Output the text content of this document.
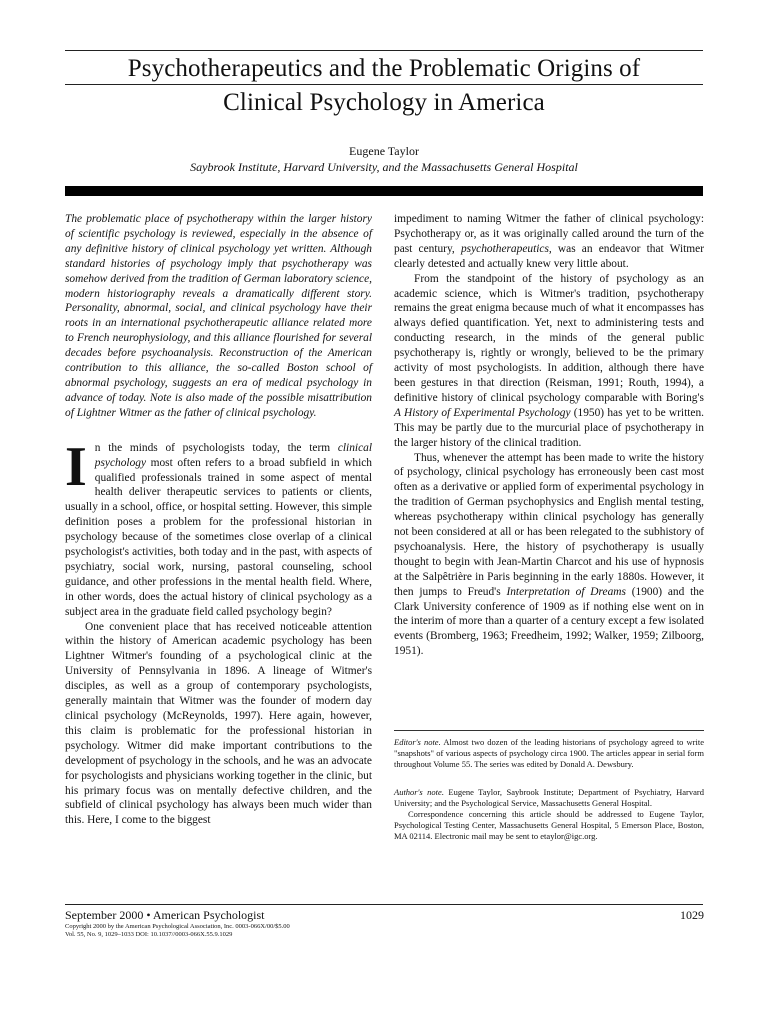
Psychotherapeutics and the Problematic Origins of
Clinical Psychology in America
Eugene Taylor
Saybrook Institute, Harvard University, and the Massachusetts General Hospital

The problematic place of psychotherapy within the larger history of scientific psychology is reviewed, especially in the absence of any definitive history of clinical psychology yet written. Although standard histories of psychology imply that psychotherapy was somehow derived from the tradition of German laboratory science, modern historiography reveals a dramatically different story. Personality, abnormal, social, and clinical psychology have their roots in an international psychotherapeutic alliance related more to French neurophysiology, and this alliance flourished for several decades before psychoanalysis. Reconstruction of the American contribution to this alliance, the so-called Boston school of abnormal psychology, suggests an era of medical psychology in advance of today. Note is also made of the possible misattribution of Lightner Witmer as the father of clinical psychology.

In the minds of psychologists today, the term clinical psychology most often refers to a broad subfield in which qualified professionals trained in some aspect of mental health deliver therapeutic services to patients or clients, usually in a school, office, or hospital setting. However, this simple definition poses a problem for the professional historian in psychology because of the sometimes close overlap of a clinical psychologist's activities, both today and in the past, with aspects of psychiatry, social work, nursing, pastoral counseling, school guidance, and other professions in the mental health field. Where, in other words, does the actual history of clinical psychology as a subject area in the graduate field called psychology begin?

One convenient place that has received noticeable attention within the history of American academic psychology has been Lightner Witmer's founding of a psychological clinic at the University of Pennsylvania in 1896. A lineage of Witmer's disciples, as well as a group of contemporary psychologists, generally maintain that Witmer was the founder of modern day clinical psychology (McReynolds, 1997). Here again, however, this claim is problematic for the professional historian in psychology. Witmer did make important contributions to the development of psychology in the schools, and he was an advocate for psychologists and physicians working together in the clinic, but his primary focus was on mentally defective children, and the subfield of clinical psychology has always been much wider than this. Here, I come to the biggest

impediment to naming Witmer the father of clinical psychology: Psychotherapy or, as it was originally called around the turn of the past century, psychotherapeutics, was an endeavor that Witmer clearly detested and actually knew very little about.

From the standpoint of the history of psychology as an academic science, which is Witmer's tradition, psychotherapy remains the great enigma because much of what it encompasses has always defied quantification. Yet, next to administering tests and conducting research, in the minds of the general public psychotherapy is, rightly or wrongly, believed to be the primary activity of most psychologists. In addition, although there have been gestures in that direction (Reisman, 1991; Routh, 1994), a definitive history of clinical psychology comparable with Boring's A History of Experimental Psychology (1950) has yet to be written. This may be partly due to the murcurial place of psychotherapy in the larger history of the clinical tradition.

Thus, whenever the attempt has been made to write the history of psychology, clinical psychology has erroneously been cast most often as a derivative or applied form of experimental psychology in the tradition of German psychophysics and English mental testing, whereas psychotherapy within clinical psychology has generally not been considered at all or has been relegated to the subhistory of psychoanalysis. Here, the history of psychotherapy is usually thought to begin with Jean-Martin Charcot and his use of hypnosis at the Salpêtrière in Paris beginning in the early 1880s. However, it then jumps to Freud's Interpretation of Dreams (1900) and the Clark University conference of 1909 as if nothing else went on in the interim of more than a quarter of a century except a few isolated events (Bromberg, 1963; Freedheim, 1992; Walker, 1959; Zilboorg, 1951).

Editor's note. Almost two dozen of the leading historians of psychology agreed to write "snapshots" of various aspects of psychology circa 1900. The articles appear in serial form throughout Volume 55. The series was edited by Donald A. Dewsbury.

Author's note. Eugene Taylor, Saybrook Institute; Department of Psychiatry, Harvard University; and the Psychological Service, Massachusetts General Hospital.

Correspondence concerning this article should be addressed to Eugene Taylor, Psychological Testing Center, Massachusetts General Hospital, 5 Emerson Place, Boston, MA 02114. Electronic mail may be sent to etaylor@igc.org.

September 2000 • American Psychologist	1029
Copyright 2000 by the American Psychological Association, Inc. 0003-066X/00/$5.00
Vol. 55, No. 9, 1029–1033 DOI: 10.1037//0003-066X.55.9.1029
